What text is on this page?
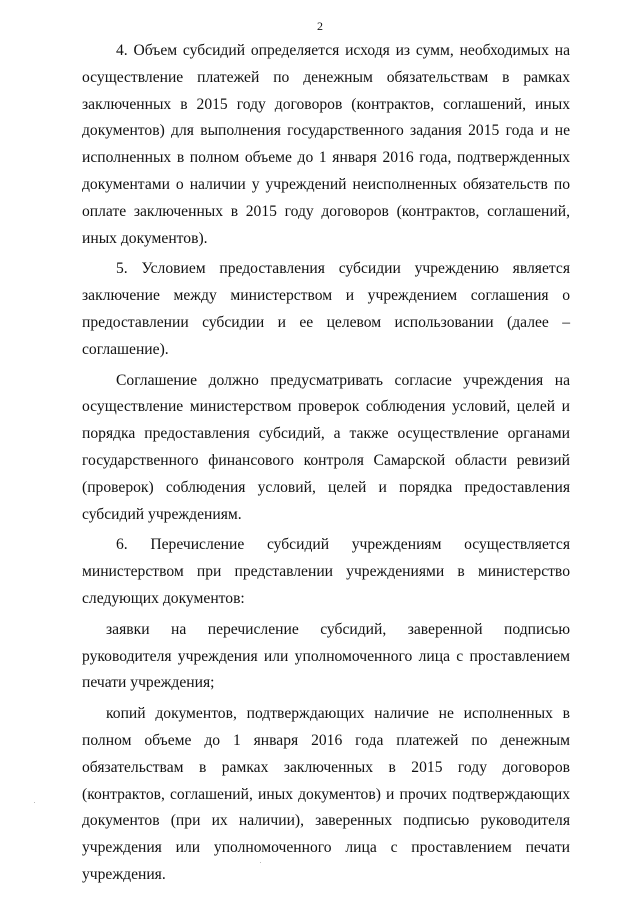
2

4. Объем субсидий определяется исходя из сумм, необходимых на осуществление платежей по денежным обязательствам в рамках заключенных в 2015 году договоров (контрактов, соглашений, иных документов) для выполнения государственного задания 2015 года и не исполненных в полном объеме до 1 января 2016 года, подтвержденных документами о наличии у учреждений неисполненных обязательств по оплате заключенных в 2015 году договоров (контрактов, соглашений, иных документов).

5. Условием предоставления субсидии учреждению является заключение между министерством и учреждением соглашения о предоставлении субсидии и ее целевом использовании (далее – соглашение).

Соглашение должно предусматривать согласие учреждения на осуществление министерством проверок соблюдения условий, целей и порядка предоставления субсидий, а также осуществление органами государственного финансового контроля Самарской области ревизий (проверок) соблюдения условий, целей и порядка предоставления субсидий учреждениям.

6. Перечисление субсидий учреждениям осуществляется министерством при представлении учреждениями в министерство следующих документов:

заявки на перечисление субсидий, заверенной подписью руководителя учреждения или уполномоченного лица с проставлением печати учреждения;

копий документов, подтверждающих наличие не исполненных в полном объеме до 1 января 2016 года платежей по денежным обязательствам в рамках заключенных в 2015 году договоров (контрактов, соглашений, иных документов) и прочих подтверждающих документов (при их наличии), заверенных подписью руководителя учреждения или уполномоченного лица с проставлением печати учреждения.
